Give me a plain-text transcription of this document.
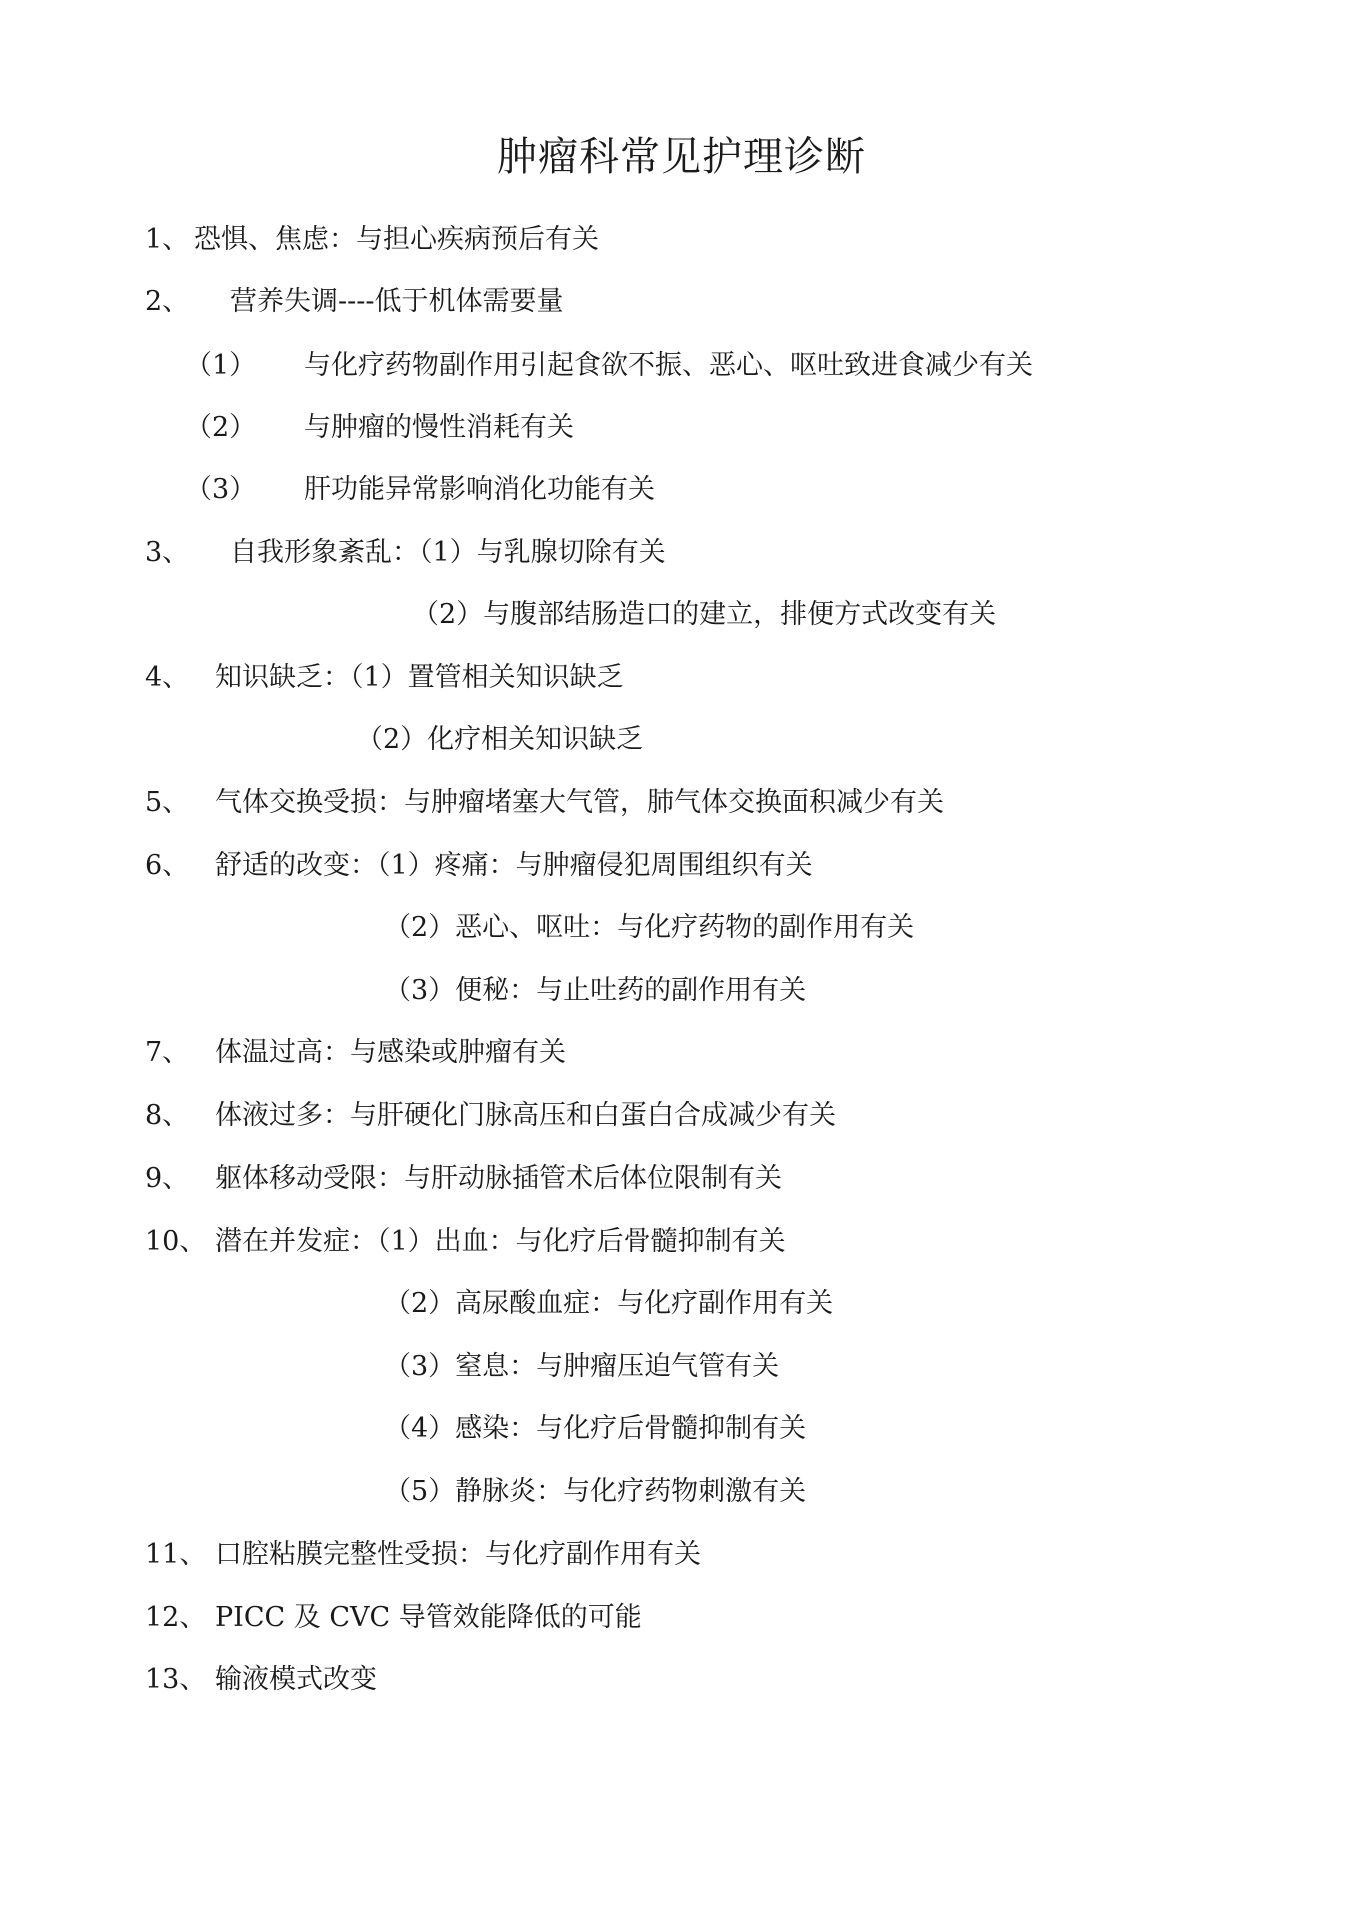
肿瘤科常见护理诊断
1、 恐惧、焦虑：与担心疾病预后有关
2、 营养失调----低于机体需要量
（1） 与化疗药物副作用引起食欲不振、恶心、呕吐致进食减少有关
（2） 与肿瘤的慢性消耗有关
（3） 肝功能异常影响消化功能有关
3、 自我形象紊乱：（1）与乳腺切除有关
（2）与腹部结肠造口的建立，排便方式改变有关
4、 知识缺乏：（1）置管相关知识缺乏
（2）化疗相关知识缺乏
5、 气体交换受损：与肿瘤堵塞大气管，肺气体交换面积减少有关
6、 舒适的改变：（1）疼痛：与肿瘤侵犯周围组织有关
（2）恶心、呕吐：与化疗药物的副作用有关
（3）便秘：与止吐药的副作用有关
7、 体温过高：与感染或肿瘤有关
8、 体液过多：与肝硬化门脉高压和白蛋白合成减少有关
9、 躯体移动受限：与肝动脉插管术后体位限制有关
10、 潜在并发症：（1）出血：与化疗后骨髓抑制有关
（2）高尿酸血症：与化疗副作用有关
（3）窒息：与肿瘤压迫气管有关
（4）感染：与化疗后骨髓抑制有关
（5）静脉炎：与化疗药物刺激有关
11、 口腔粘膜完整性受损：与化疗副作用有关
12、 PICC 及 CVC 导管效能降低的可能
13、 输液模式改变
